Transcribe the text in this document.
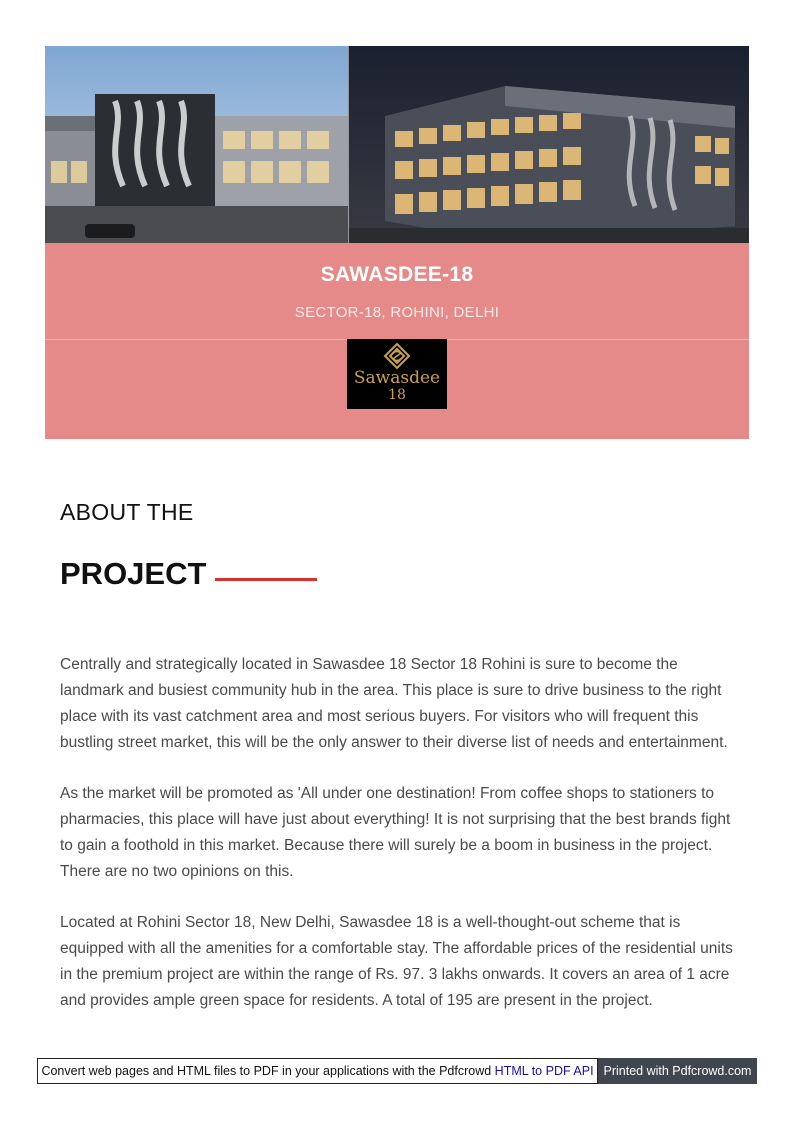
SAWASDEE-18
SECTOR-18, ROHINI, DELHI
Sawasdee
18
ABOUT THE
PROJECT

Centrally and strategically located in Sawasdee 18 Sector 18 Rohini is sure to become the landmark and busiest community hub in the area. This place is sure to drive business to the right place with its vast catchment area and most serious buyers. For visitors who will frequent this bustling street market, this will be the only answer to their diverse list of needs and entertainment.

As the market will be promoted as 'All under one destination! From coffee shops to stationers to pharmacies, this place will have just about everything! It is not surprising that the best brands fight to gain a foothold in this market. Because there will surely be a boom in business in the project. There are no two opinions on this.

Located at Rohini Sector 18, New Delhi, Sawasdee 18 is a well-thought-out scheme that is equipped with all the amenities for a comfortable stay. The affordable prices of the residential units in the premium project are within the range of Rs. 97. 3 lakhs onwards. It covers an area of 1 acre and provides ample green space for residents. A total of 195 are present in the project.

Convert web pages and HTML files to PDF in your applications with the Pdfcrowd HTML to PDF API Printed with Pdfcrowd.com
